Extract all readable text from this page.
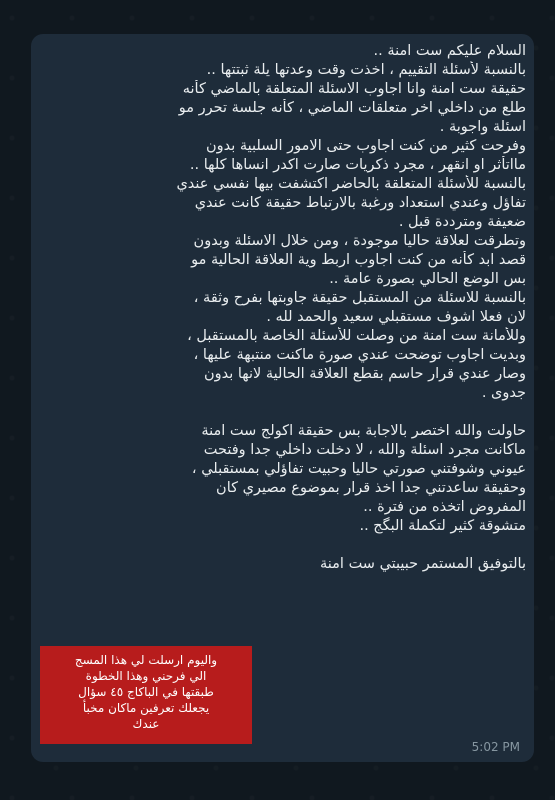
السلام عليكم ست امنة ..
بالنسبة لأسئلة التقييم ، اخذت وقت وعدتها يلة ثبتتها ..
حقيقة ست امنة وانا اجاوب الاسئلة المتعلقة بالماضي كأنه
طلع من داخلي اخر متعلقات الماضي ، كأنه جلسة تحرر مو
اسئلة واجوبة .
وفرحت كثير من كنت اجاوب حتى الامور السلبية بدون
مااتأثر او انقهر ، مجرد ذكريات صارت اكدر انساها كلها ..
بالنسبة للأسئلة المتعلقة بالحاضر اكتشفت بيها نفسي عندي
تفاؤل وعندي استعداد ورغبة بالارتباط حقيقة كانت عندي
ضعيفة ومترددة قبل .
وتطرقت لعلاقة حاليا موجودة ، ومن خلال الاسئلة وبدون
قصد ابد كأنه من كنت اجاوب اربط وية العلاقة الحالية مو
بس الوضع الحالي بصورة عامة ..
بالنسبة للاسئلة من المستقبل حقيقة جاوبتها بفرح وثقة ،
لان فعلا اشوف مستقبلي سعيد والحمد لله .
وللأمانة ست امنة من وصلت للأسئلة الخاصة بالمستقبل ،
وبديت اجاوب توضحت عندي صورة ماكنت منتبهة عليها ،
وصار عندي قرار حاسم بقطع العلاقة الحالية لانها بدون
جدوى .
حاولت والله اختصر بالاجابة بس حقيقة اكولج ست امنة
ماكانت مجرد اسئلة والله ، لا دخلت داخلي جدا وفتحت
عيوني وشوفتني صورتي حاليا وحبيت تفاؤلي بمستقبلي ،
وحقيقة ساعدتني جدا اخذ قرار بموضوع مصيري كان
المفروض اتخذه من فترة ..
متشوقة كثير لتكملة البگج ..
بالتوفيق المستمر حبيبتي ست امنة
5:02 PM
واليوم ارسلت لي هذا المسج
الي فرحني وهذا الخطوة
طبقتها في الباكاج ٤٥ سؤال
يجعلك تعرفين ماكان مخبأ
عندك
